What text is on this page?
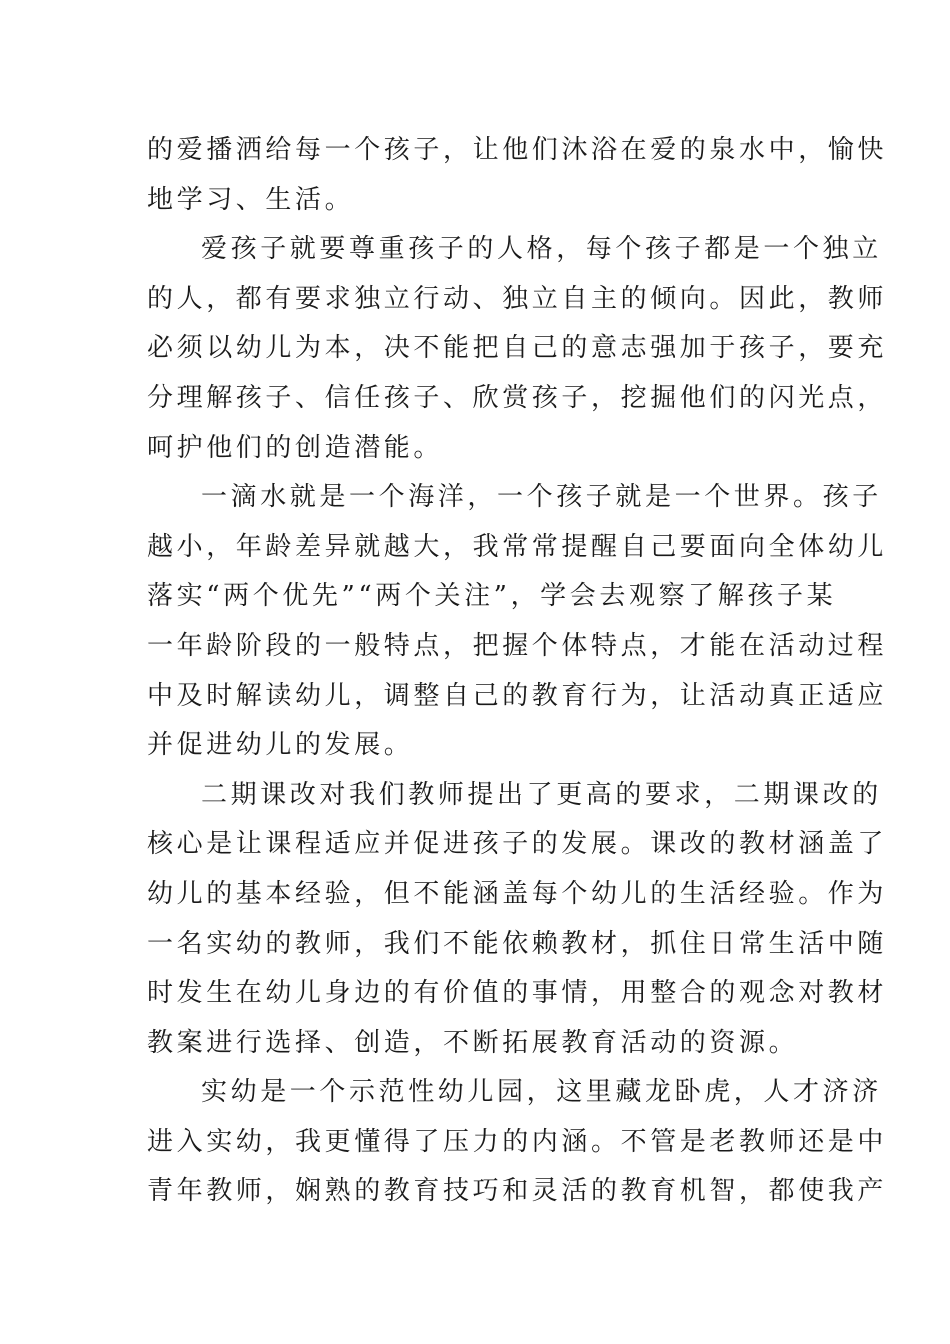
的爱播洒给每一个孩子，让他们沐浴在爱的泉水中，愉快
地学习、生活。
爱孩子就要尊重孩子的人格，每个孩子都是一个独立
的人，都有要求独立行动、独立自主的倾向。因此，教师
必须以幼儿为本，决不能把自己的意志强加于孩子，要充
分理解孩子、信任孩子、欣赏孩子，挖掘他们的闪光点，
呵护他们的创造潜能。
一滴水就是一个海洋，一个孩子就是一个世界。孩子
越小，年龄差异就越大，我常常提醒自己要面向全体幼儿
落实“两个优先”“两个关注”，学会去观察了解孩子某
一年龄阶段的一般特点，把握个体特点，才能在活动过程
中及时解读幼儿，调整自己的教育行为，让活动真正适应
并促进幼儿的发展。
二期课改对我们教师提出了更高的要求，二期课改的
核心是让课程适应并促进孩子的发展。课改的教材涵盖了
幼儿的基本经验，但不能涵盖每个幼儿的生活经验。作为
一名实幼的教师，我们不能依赖教材，抓住日常生活中随
时发生在幼儿身边的有价值的事情，用整合的观念对教材
教案进行选择、创造，不断拓展教育活动的资源。
实幼是一个示范性幼儿园，这里藏龙卧虎，人才济济
进入实幼，我更懂得了压力的内涵。不管是老教师还是中
青年教师，娴熟的教育技巧和灵活的教育机智，都使我产
